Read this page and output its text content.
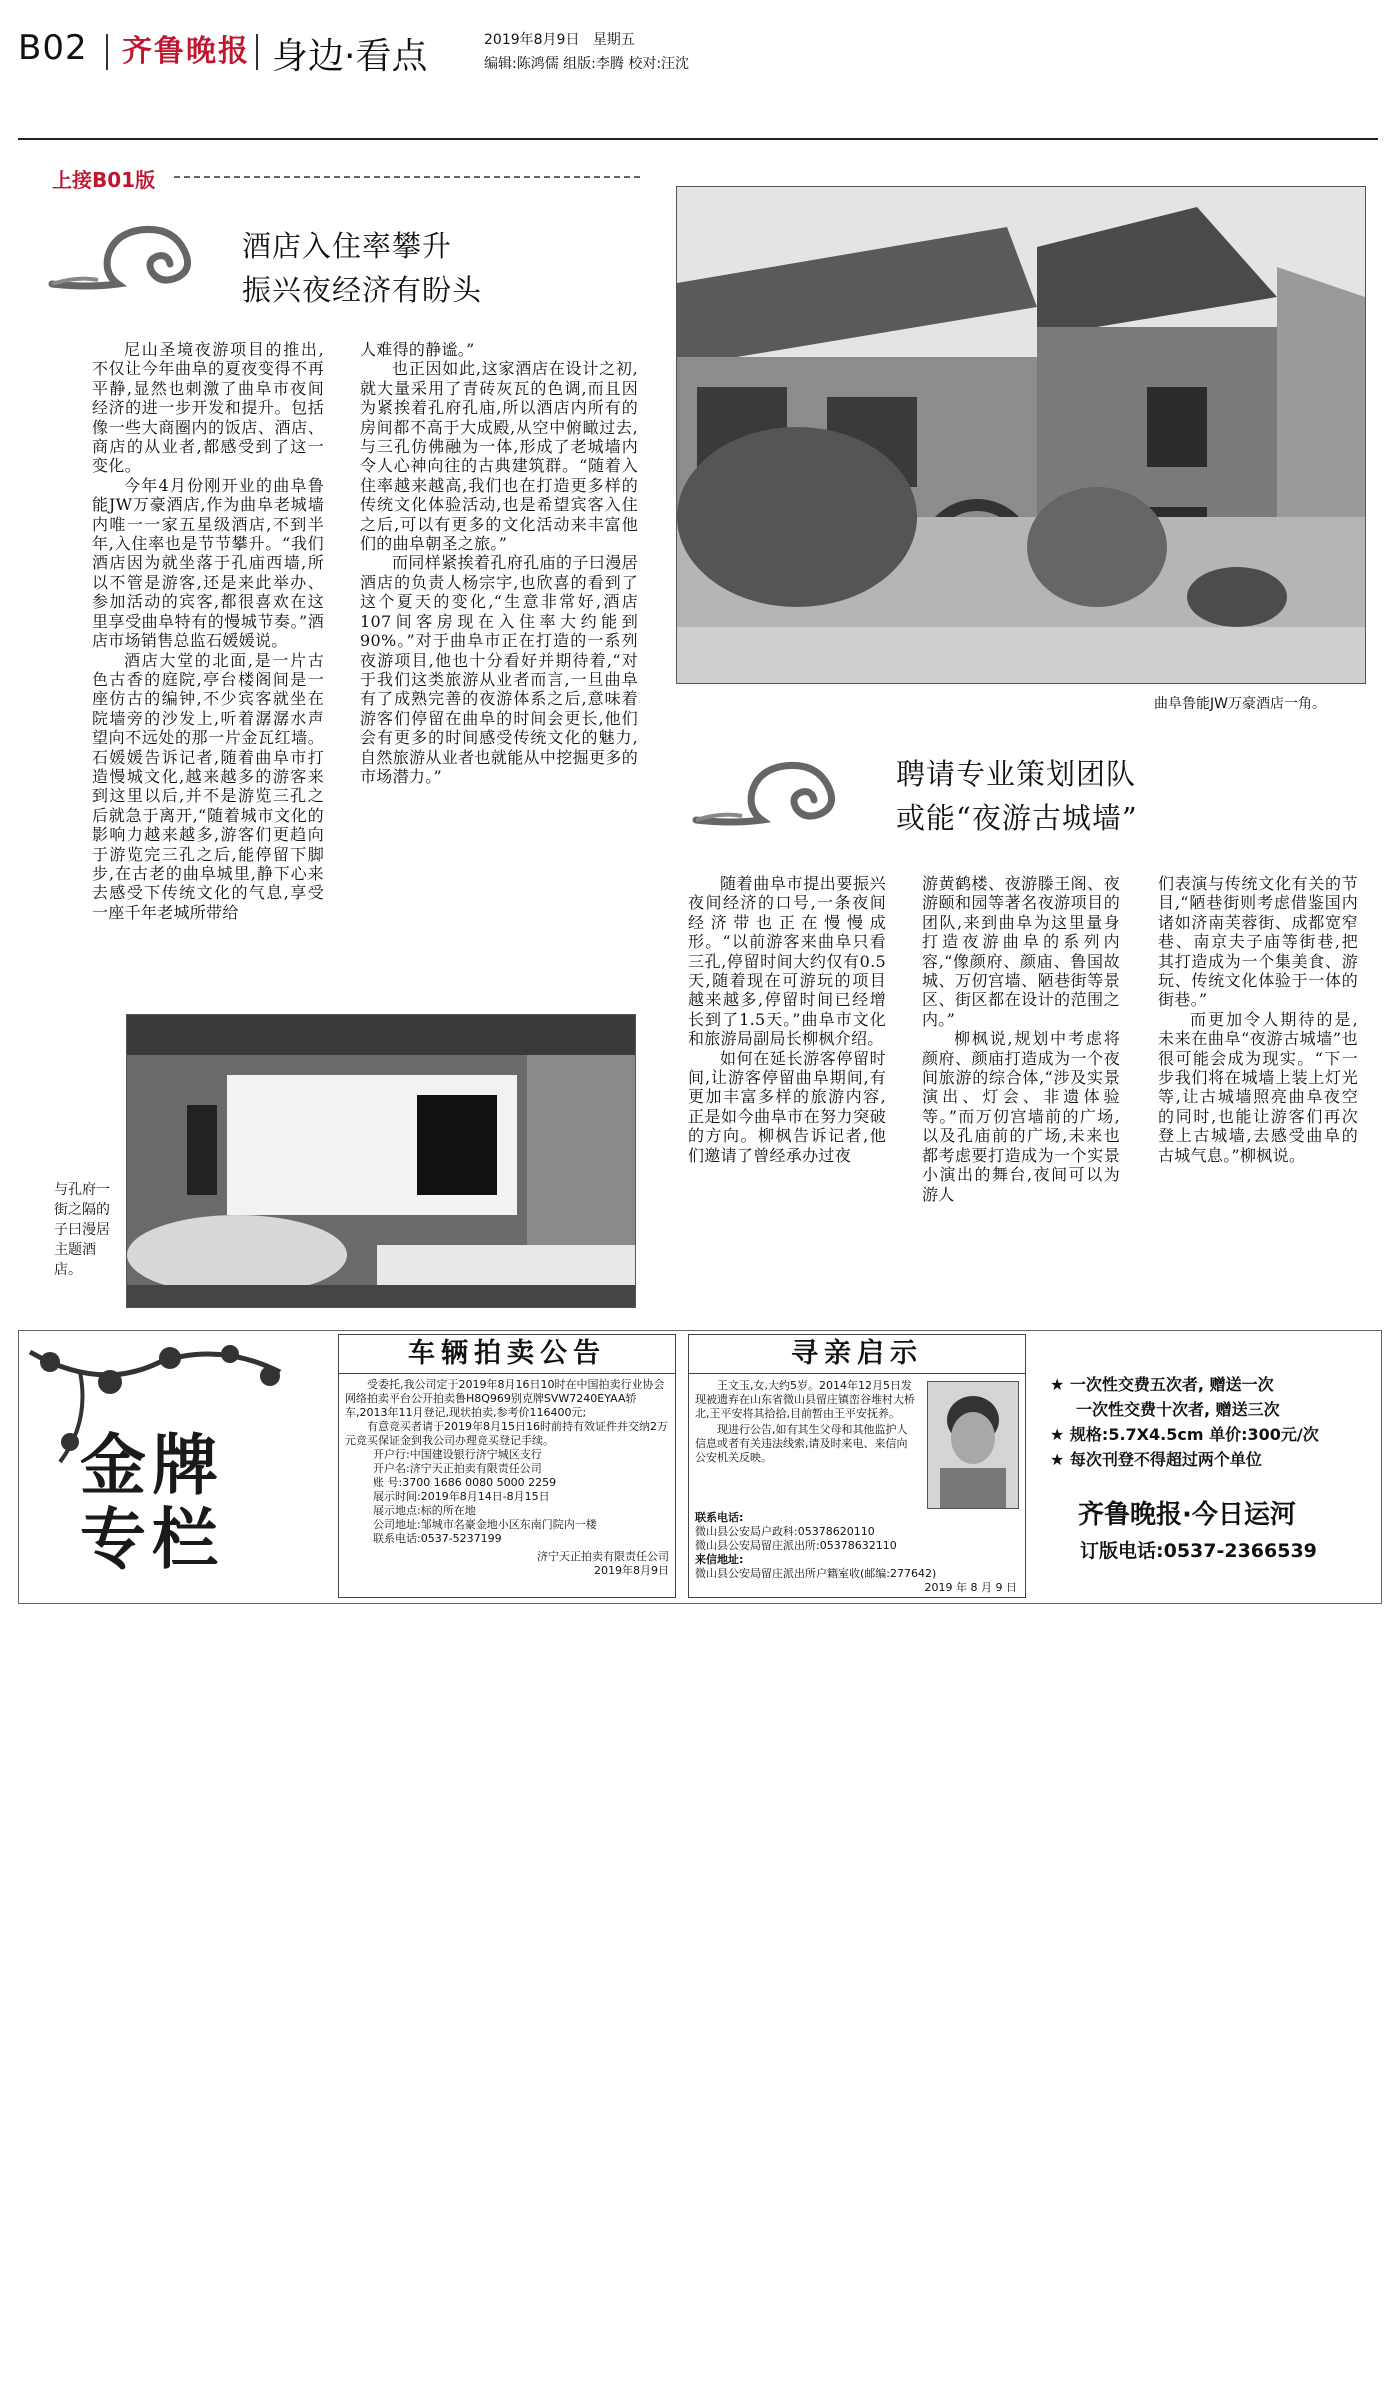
B02 齐鲁晚报 身边·看点	2019年8月9日 星期五
编辑:陈鸿儒 组版:李腾 校对:汪沈
上接B01版
酒店入住率攀升
振兴夜经济有盼头

尼山圣境夜游项目的推出,不仅让今年曲阜的夏夜变得不再平静,显然也刺激了曲阜市夜间经济的进一步开发和提升。包括像一些大商圈内的饭店、酒店、商店的从业者,都感受到了这一变化。

今年4月份刚开业的曲阜鲁能JW万豪酒店,作为曲阜老城墙内唯一一家五星级酒店,不到半年,入住率也是节节攀升。“我们酒店因为就坐落于孔庙西墙,所以不管是游客,还是来此举办、参加活动的宾客,都很喜欢在这里享受曲阜特有的慢城节奏。”酒店市场销售总监石媛媛说。

酒店大堂的北面,是一片古色古香的庭院,亭台楼阁间是一座仿古的编钟,不少宾客就坐在院墙旁的沙发上,听着潺潺水声望向不远处的那一片金瓦红墙。石媛媛告诉记者,随着曲阜市打造慢城文化,越来越多的游客来到这里以后,并不是游览三孔之后就急于离开,“随着城市文化的影响力越来越多,游客们更趋向于游览完三孔之后,能停留下脚步,在古老的曲阜城里,静下心来去感受下传统文化的气息,享受一座千年老城所带给

人难得的静谧。”

也正因如此,这家酒店在设计之初,就大量采用了青砖灰瓦的色调,而且因为紧挨着孔府孔庙,所以酒店内所有的房间都不高于大成殿,从空中俯瞰过去,与三孔仿佛融为一体,形成了老城墙内令人心神向往的古典建筑群。“随着入住率越来越高,我们也在打造更多样的传统文化体验活动,也是希望宾客入住之后,可以有更多的文化活动来丰富他们的曲阜朝圣之旅。”

而同样紧挨着孔府孔庙的子曰漫居酒店的负责人杨宗宇,也欣喜的看到了这个夏天的变化,“生意非常好,酒店107间客房现在入住率大约能到90%。”对于曲阜市正在打造的一系列夜游项目,他也十分看好并期待着,“对于我们这类旅游从业者而言,一旦曲阜有了成熟完善的夜游体系之后,意味着游客们停留在曲阜的时间会更长,他们会有更多的时间感受传统文化的魅力,自然旅游从业者也就能从中挖掘更多的市场潜力。”

曲阜鲁能JW万豪酒店一角。
与孔府一街之隔的子曰漫居主题酒店。
聘请专业策划团队
或能“夜游古城墙”

随着曲阜市提出要振兴夜间经济的口号,一条夜间经济带也正在慢慢成形。“以前游客来曲阜只看三孔,停留时间大约仅有0.5天,随着现在可游玩的项目越来越多,停留时间已经增长到了1.5天。”曲阜市文化和旅游局副局长柳枫介绍。

如何在延长游客停留时间,让游客停留曲阜期间,有更加丰富多样的旅游内容,正是如今曲阜市在努力突破的方向。柳枫告诉记者,他们邀请了曾经承办过夜

游黄鹤楼、夜游滕王阁、夜游颐和园等著名夜游项目的团队,来到曲阜为这里量身打造夜游曲阜的系列内容,“像颜府、颜庙、鲁国故城、万仞宫墙、陋巷街等景区、街区都在设计的范围之内。”

柳枫说,规划中考虑将颜府、颜庙打造成为一个夜间旅游的综合体,“涉及实景演出、灯会、非遗体验等。”而万仞宫墙前的广场,以及孔庙前的广场,未来也都考虑要打造成为一个实景小演出的舞台,夜间可以为游人

们表演与传统文化有关的节目,“陋巷街则考虑借鉴国内诸如济南芙蓉街、成都宽窄巷、南京夫子庙等街巷,把其打造成为一个集美食、游玩、传统文化体验于一体的街巷。”

而更加令人期待的是,未来在曲阜“夜游古城墙”也很可能会成为现实。“下一步我们将在城墙上装上灯光等,让古城墙照亮曲阜夜空的同时,也能让游客们再次登上古城墙,去感受曲阜的古城气息。”柳枫说。

金牌专栏
车辆拍卖公告
受委托,我公司定于2019年8月16日10时在中国拍卖行业协会网络拍卖平台公开拍卖鲁H8Q969别克牌SVW7240EYAA轿车,2013年11月登记,现状拍卖,参考价116400元;
有意竞买者请于2019年8月15日16时前持有效证件并交纳2万元竞买保证金到我公司办理竞买登记手续。
开户行:中国建设银行济宁城区支行
开户名:济宁天正拍卖有限责任公司
账 号:3700 1686 0080 5000 2259
展示时间:2019年8月14日-8月15日
展示地点:标的所在地
公司地址:邹城市名豪金地小区东南门院内一楼
联系电话:0537-5237199
济宁天正拍卖有限责任公司
2019年8月9日
寻亲启示
王文玉,女,大约5岁。2014年12月5日发现被遗弃在山东省微山县留庄镇峦谷堆村大桥北,王平安将其拾拾,目前暂由王平安抚养。
现进行公告,如有其生父母和其他监护人信息或者有关违法线索,请及时来电、来信向公安机关反映。
联系电话:
微山县公安局户政科:05378620110
微山县公安局留庄派出所:05378632110
来信地址:
微山县公安局留庄派出所户籍室收(邮编:277642)
2019 年 8 月 9 日
★ 一次性交费五次者, 赠送一次
一次性交费十次者, 赠送三次
★ 规格:5.7X4.5cm 单价:300元/次
★ 每次刊登不得超过两个单位
齐鲁晚报·今日运河
订版电话:0537-2366539
